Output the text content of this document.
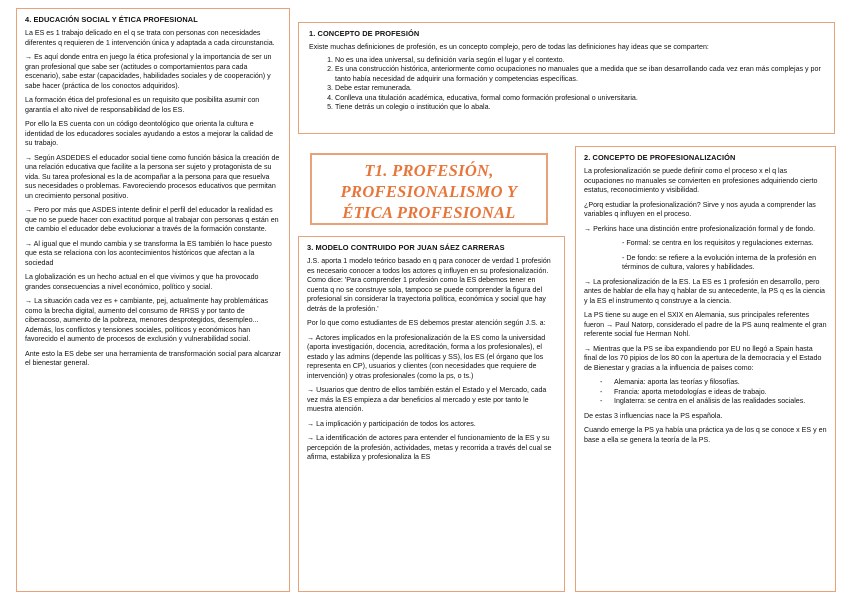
4. EDUCACIÓN SOCIAL Y ÉTICA PROFESIONAL

La ES es 1 trabajo delicado en el q se trata con personas con necesidades diferentes q requieren de 1 intervención única y adaptada a cada circunstancia.

→ Es aquí donde entra en juego la ética profesional y la importancia de ser un gran profesional que sabe ser (actitudes o comportamientos para cada escenario), sabe estar (capacidades, habilidades sociales y de cooperación) y sabe hacer (práctica de los conoctos adquiridos).

La formación ética del profesional es un requisito que posibilita asumir con garantía el alto nivel de responsabilidad de los ES.

Por ello la ES cuenta con un código deontológico que orienta la cultura e identidad de los educadores sociales ayudando a estos a mejorar la calidad de su trabajo.

→ Según ASDEDES el educador social tiene como función básica la creación de una relación educativa que facilite a la persona ser sujeto y protagonista de su vida. Su tarea profesional es la de acompañar a la persona para que resuelva sus necesidades o problemas. Favoreciendo procesos educativos que permitan un crecimiento personal positivo.

→ Pero por más que ASDES intente definir el perfil del educador la realidad es que no se puede hacer con exactitud porque al trabajar con personas q están en cte cambio el educador debe evolucionar a través de la formación constante.

→ Al igual que el mundo cambia y se transforma la ES también lo hace puesto que esta se relaciona con los acontecimientos históricos que afectan a la sociedad

La globalización es un hecho actual en el que vivimos y que ha provocado grandes consecuencias a nivel económico, político y social.

→ La situación cada vez es + cambiante, pej, actualmente hay problemáticas como la brecha digital, aumento del consumo de RRSS y por tanto de ciberacoso, aumento de la pobreza, menores desprotegidos, desempleo... Además, los conflictos y tensiones sociales, políticos y económicos han favorecido el aumento de procesos de exclusión y vulnerabilidad social.

Ante esto la ES debe ser una herramienta de transformación social para alcanzar el bienestar general.

1. CONCEPTO DE PROFESIÓN

Existe muchas definiciones de profesión, es un concepto complejo, pero de todas las definiciones hay ideas que se comparten:

1. No es una idea universal, su definición varía según el lugar y el contexto.
2. Es una construcción histórica, anteriormente como ocupaciones no manuales que a medida que se iban desarrollando cada vez eran más complejas y por tanto había necesidad de adquirir una formación y competencias específicas.
3. Debe estar remunerada.
4. Conlleva una titulación académica, educativa, formal como formación profesional o universitaria.
5. Tiene detrás un colegio o institución que lo abala.
T1. PROFESIÓN,
PROFESIONALISMO Y
ÉTICA PROFESIONAL
3. MODELO CONTRUIDO POR JUAN SÁEZ CARRERAS

J.S. aporta 1 modelo teórico basado en q para conocer de verdad 1 profesión es necesario conocer a todos los actores q influyen en su profesionalización. Como dice: 'Para comprender 1 profesión como la ES debemos tener en cuenta q no se construye sola, tampoco se puede comprender la figura del profesional sin considerar la trayectoria política, económica y social que hay detrás de la profesión.'

Por lo que como estudiantes de ES debemos prestar atención según J.S. a:

→ Actores implicados en la profesionalización de la ES como la universidad (aporta investigación, docencia, acreditación, forma a los profesionales), el estado y las admins (depende las políticas y SS), los ES (el órgano que los representa en CP), usuarios y clientes (con necesidades que requiere de intervención) y otras profesionales (como la ps, o ts.)

→ Usuarios que dentro de ellos también están el Estado y el Mercado, cada vez más la ES empieza a dar beneficios al mercado y este por tanto le muestra atención.

→ La implicación y participación de todos los actores.

→ La identificación de actores para entender el funcionamiento de la ES y su percepción de la profesión, actividades, metas y recorrida a través del cual se afirma, estabiliza y profesionaliza la ES

2. CONCEPTO DE PROFESIONALIZACIÓN

La profesionalización se puede definir como el proceso x el q las ocupaciones no manuales se convierten en profesiones adquiriendo cierto estatus, reconocimiento y visibilidad.

¿Porq estudiar la profesionalización? Sirve y nos ayuda a comprender las variables q influyen en el proceso.

→ Perkins hace una distinción entre profesionalización formal y de fondo.

- Formal: se centra en los requisitos y regulaciones externas.

- De fondo: se refiere a la evolución interna de la profesión en términos de cultura, valores y habilidades.

→ La profesionalización de la ES. La ES es 1 profesión en desarrollo, pero antes de hablar de ella hay q hablar de su antecedente, la PS q es la ciencia y la ES el instrumento q construye a la ciencia.

La PS tiene su auge en el SXIX en Alemania, sus principales referentes fueron → Paul Natorp, considerado el padre de la PS aunq realmente el gran referente social fue Herman Nohl.

→ Mientras que la PS se iba expandiendo por EU no llegó a Spain hasta final de los 70 pipios de los 80 con la apertura de la democracia y el Estado de Bienestar y gracias a la influencia de países como:

- Alemania: aporta las teorías y filosofías.
- Francia: aporta metodologías e ideas de trabajo.
- Inglaterra: se centra en el análisis de las realidades sociales.

De estas 3 influencias nace la PS española.

Cuando emerge la PS ya había una práctica ya de los q se conoce x ES y en base a ella se genera la teoría de la PS.
